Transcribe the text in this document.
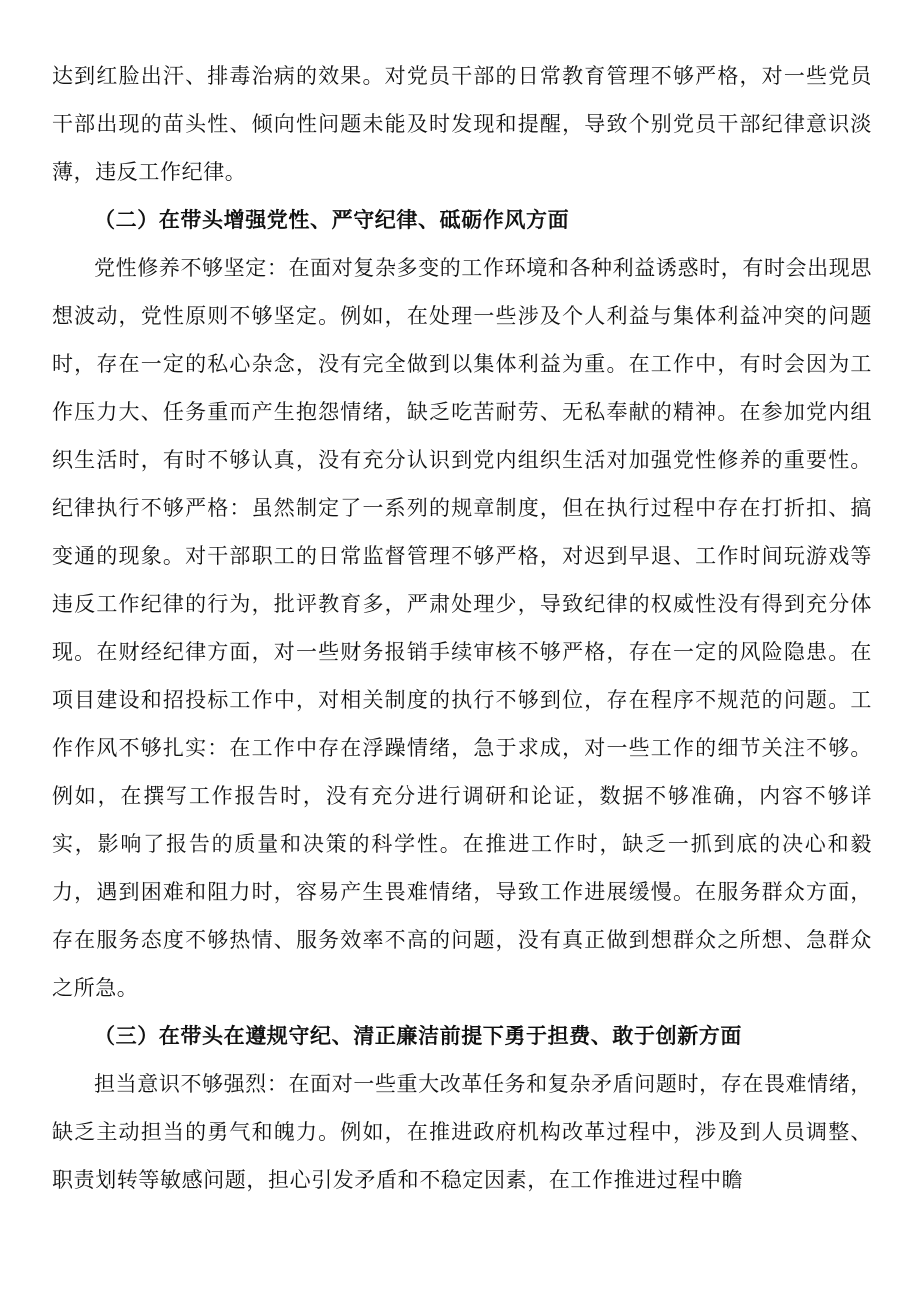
达到红脸出汗、排毒治病的效果。对党员干部的日常教育管理不够严格，对一些党员干部出现的苗头性、倾向性问题未能及时发现和提醒，导致个别党员干部纪律意识淡薄，违反工作纪律。

（二）在带头增强党性、严守纪律、砥砺作风方面

党性修养不够坚定：在面对复杂多变的工作环境和各种利益诱惑时，有时会出现思想波动，党性原则不够坚定。例如，在处理一些涉及个人利益与集体利益冲突的问题时，存在一定的私心杂念，没有完全做到以集体利益为重。在工作中，有时会因为工作压力大、任务重而产生抱怨情绪，缺乏吃苦耐劳、无私奉献的精神。在参加党内组织生活时，有时不够认真，没有充分认识到党内组织生活对加强党性修养的重要性。纪律执行不够严格：虽然制定了一系列的规章制度，但在执行过程中存在打折扣、搞变通的现象。对干部职工的日常监督管理不够严格，对迟到早退、工作时间玩游戏等违反工作纪律的行为，批评教育多，严肃处理少，导致纪律的权威性没有得到充分体现。在财经纪律方面，对一些财务报销手续审核不够严格，存在一定的风险隐患。在项目建设和招投标工作中，对相关制度的执行不够到位，存在程序不规范的问题。工作作风不够扎实：在工作中存在浮躁情绪，急于求成，对一些工作的细节关注不够。例如，在撰写工作报告时，没有充分进行调研和论证，数据不够准确，内容不够详实，影响了报告的质量和决策的科学性。在推进工作时，缺乏一抓到底的决心和毅力，遇到困难和阻力时，容易产生畏难情绪，导致工作进展缓慢。在服务群众方面，存在服务态度不够热情、服务效率不高的问题，没有真正做到想群众之所想、急群众之所急。

（三）在带头在遵规守纪、清正廉洁前提下勇于担费、敢于创新方面

担当意识不够强烈：在面对一些重大改革任务和复杂矛盾问题时，存在畏难情绪，缺乏主动担当的勇气和魄力。例如，在推进政府机构改革过程中，涉及到人员调整、职责划转等敏感问题，担心引发矛盾和不稳定因素，在工作推进过程中瞻
